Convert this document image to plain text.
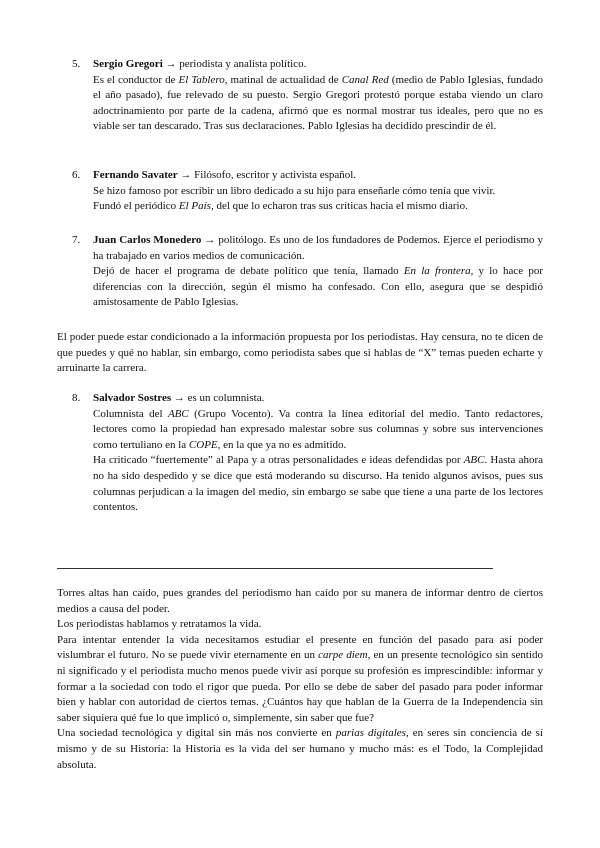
5. Sergio Gregori → periodista y analista político.
Es el conductor de El Tablero, matinal de actualidad de Canal Red (medio de Pablo Iglesias, fundado el año pasado), fue relevado de su puesto. Sergio Gregori protestó porque estaba viendo un claro adoctrinamiento por parte de la cadena, afirmó que es normal mostrar tus ideales, pero que no es viable ser tan descarado. Tras sus declaraciones. Pablo Iglesias ha decidido prescindir de él.
6. Fernando Savater → Filósofo, escritor y activista español.
Se hizo famoso por escribir un libro dedicado a su hijo para enseñarle cómo tenía que vivir.
Fundó el periódico El País, del que lo echaron tras sus críticas hacia el mismo diario.
7. Juan Carlos Monedero → politólogo. Es uno de los fundadores de Podemos. Ejerce el periodismo y ha trabajado en varios medios de comunicación.
Dejó de hacer el programa de debate político que tenía, llamado En la frontera, y lo hace por diferencias con la dirección, según él mismo ha confesado. Con ello, asegura que se despidió amistosamente de Pablo Iglesias.

El poder puede estar condicionado a la información propuesta por los periodistas. Hay censura, no te dicen de que puedes y qué no hablar, sin embargo, como periodista sabes que si hablas de “X” temas pueden echarte y arruinarte la carrera.

8. Salvador Sostres → es un columnista.
Columnista del ABC (Grupo Vocento). Va contra la línea editorial del medio. Tanto redactores, lectores como la propiedad han expresado malestar sobre sus columnas y sobre sus intervenciones como tertuliano en la COPE, en la que ya no es admitido.
Ha criticado “fuertemente” al Papa y a otras personalidades e ideas defendidas por ABC. Hasta ahora no ha sido despedido y se dice que está moderando su discurso. Ha tenido algunos avisos, pues sus columnas perjudican a la imagen del medio, sin embargo se sabe que tiene a una parte de los lectores contentos.
Torres altas han caído, pues grandes del periodismo han caído por su manera de informar dentro de ciertos medios a causa del poder.
Los periodistas hablamos y retratamos la vida.
Para intentar entender la vida necesitamos estudiar el presente en función del pasado para así poder vislumbrar el futuro. No se puede vivir eternamente en un carpe diem, en un presente tecnológico sin sentido ni significado y el periodista mucho menos puede vivir así porque su profesión es imprescindible: informar y formar a la sociedad con todo el rigor que pueda. Por ello se debe de saber del pasado para poder informar bien y hablar con autoridad de ciertos temas. ¿Cuántos hay que hablan de la Guerra de la Independencia sin saber siquiera qué fue lo que implicó o, simplemente, sin saber que fue?
Una sociedad tecnológica y digital sin más nos convierte en parias digitales, en seres sin conciencia de sí mismo y de su Historia: la Historia es la vida del ser humano y mucho más: es el Todo, la Complejidad absoluta.
